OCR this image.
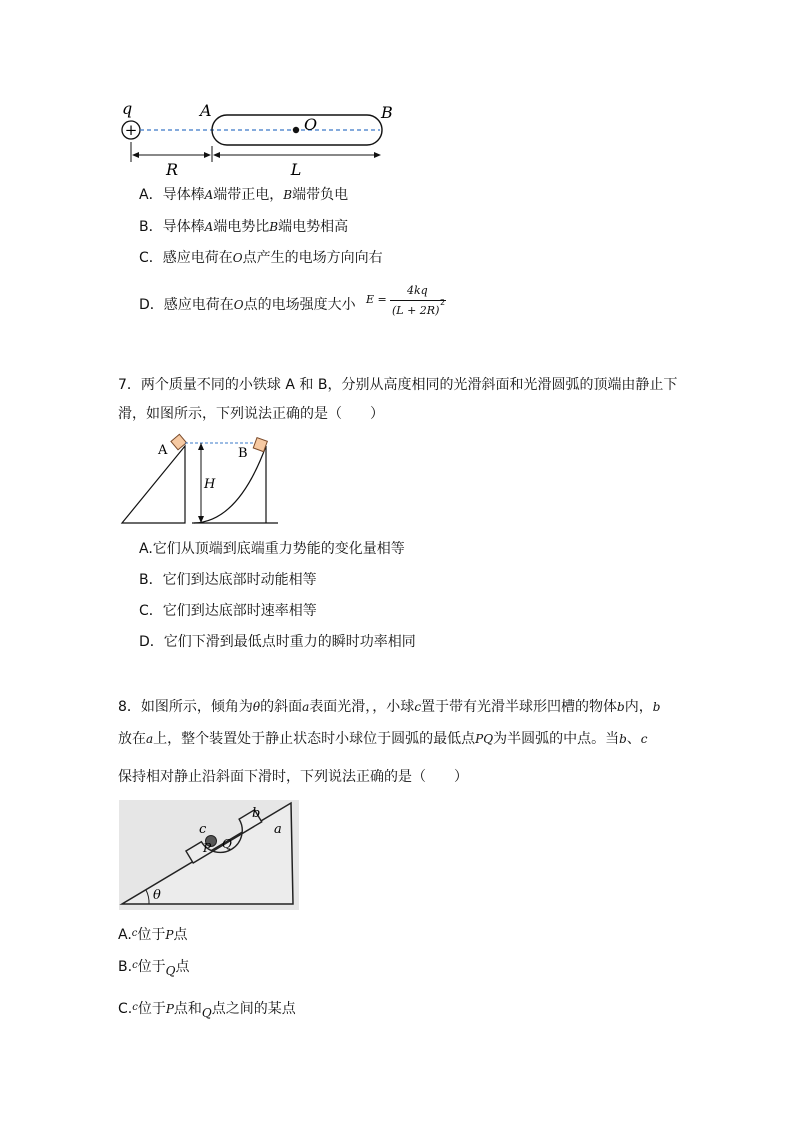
+
q	A
O
B
R	L
A．导体棒A端带正电，B端带负电
B．导体棒A端电势比B端电势相高
C．感应电荷在O点产生的电场方向向右
D．感应电荷在O点的电场强度大小 E =
4kq
(L + 2R)
2
7．两个质量不同的小铁球 A 和 B，分别从高度相同的光滑斜面和光滑圆弧的顶端由静止下
滑，如图所示，下列说法正确的是（　　）
A
H
B
A.它们从顶端到底端重力势能的变化量相等
B．它们到达底部时动能相等
C．它们到达底部时速率相等
D．它们下滑到最低点时重力的瞬时功率相同
8．如图所示，倾角为θ的斜面a表面光滑，，小球c置于带有光滑半球形凹槽的物体b内，b
放在a上，整个装置处于静止状态时小球位于圆弧的最低点PQ为半圆弧的中点。当b、c
保持相对静止沿斜面下滑时，下列说法正确的是（　　）
c
b
a
P Q
θ
A.$^c$位于P点
B.$^c$位于Q点
C.$^c$位于P点和Q点之间的某点
